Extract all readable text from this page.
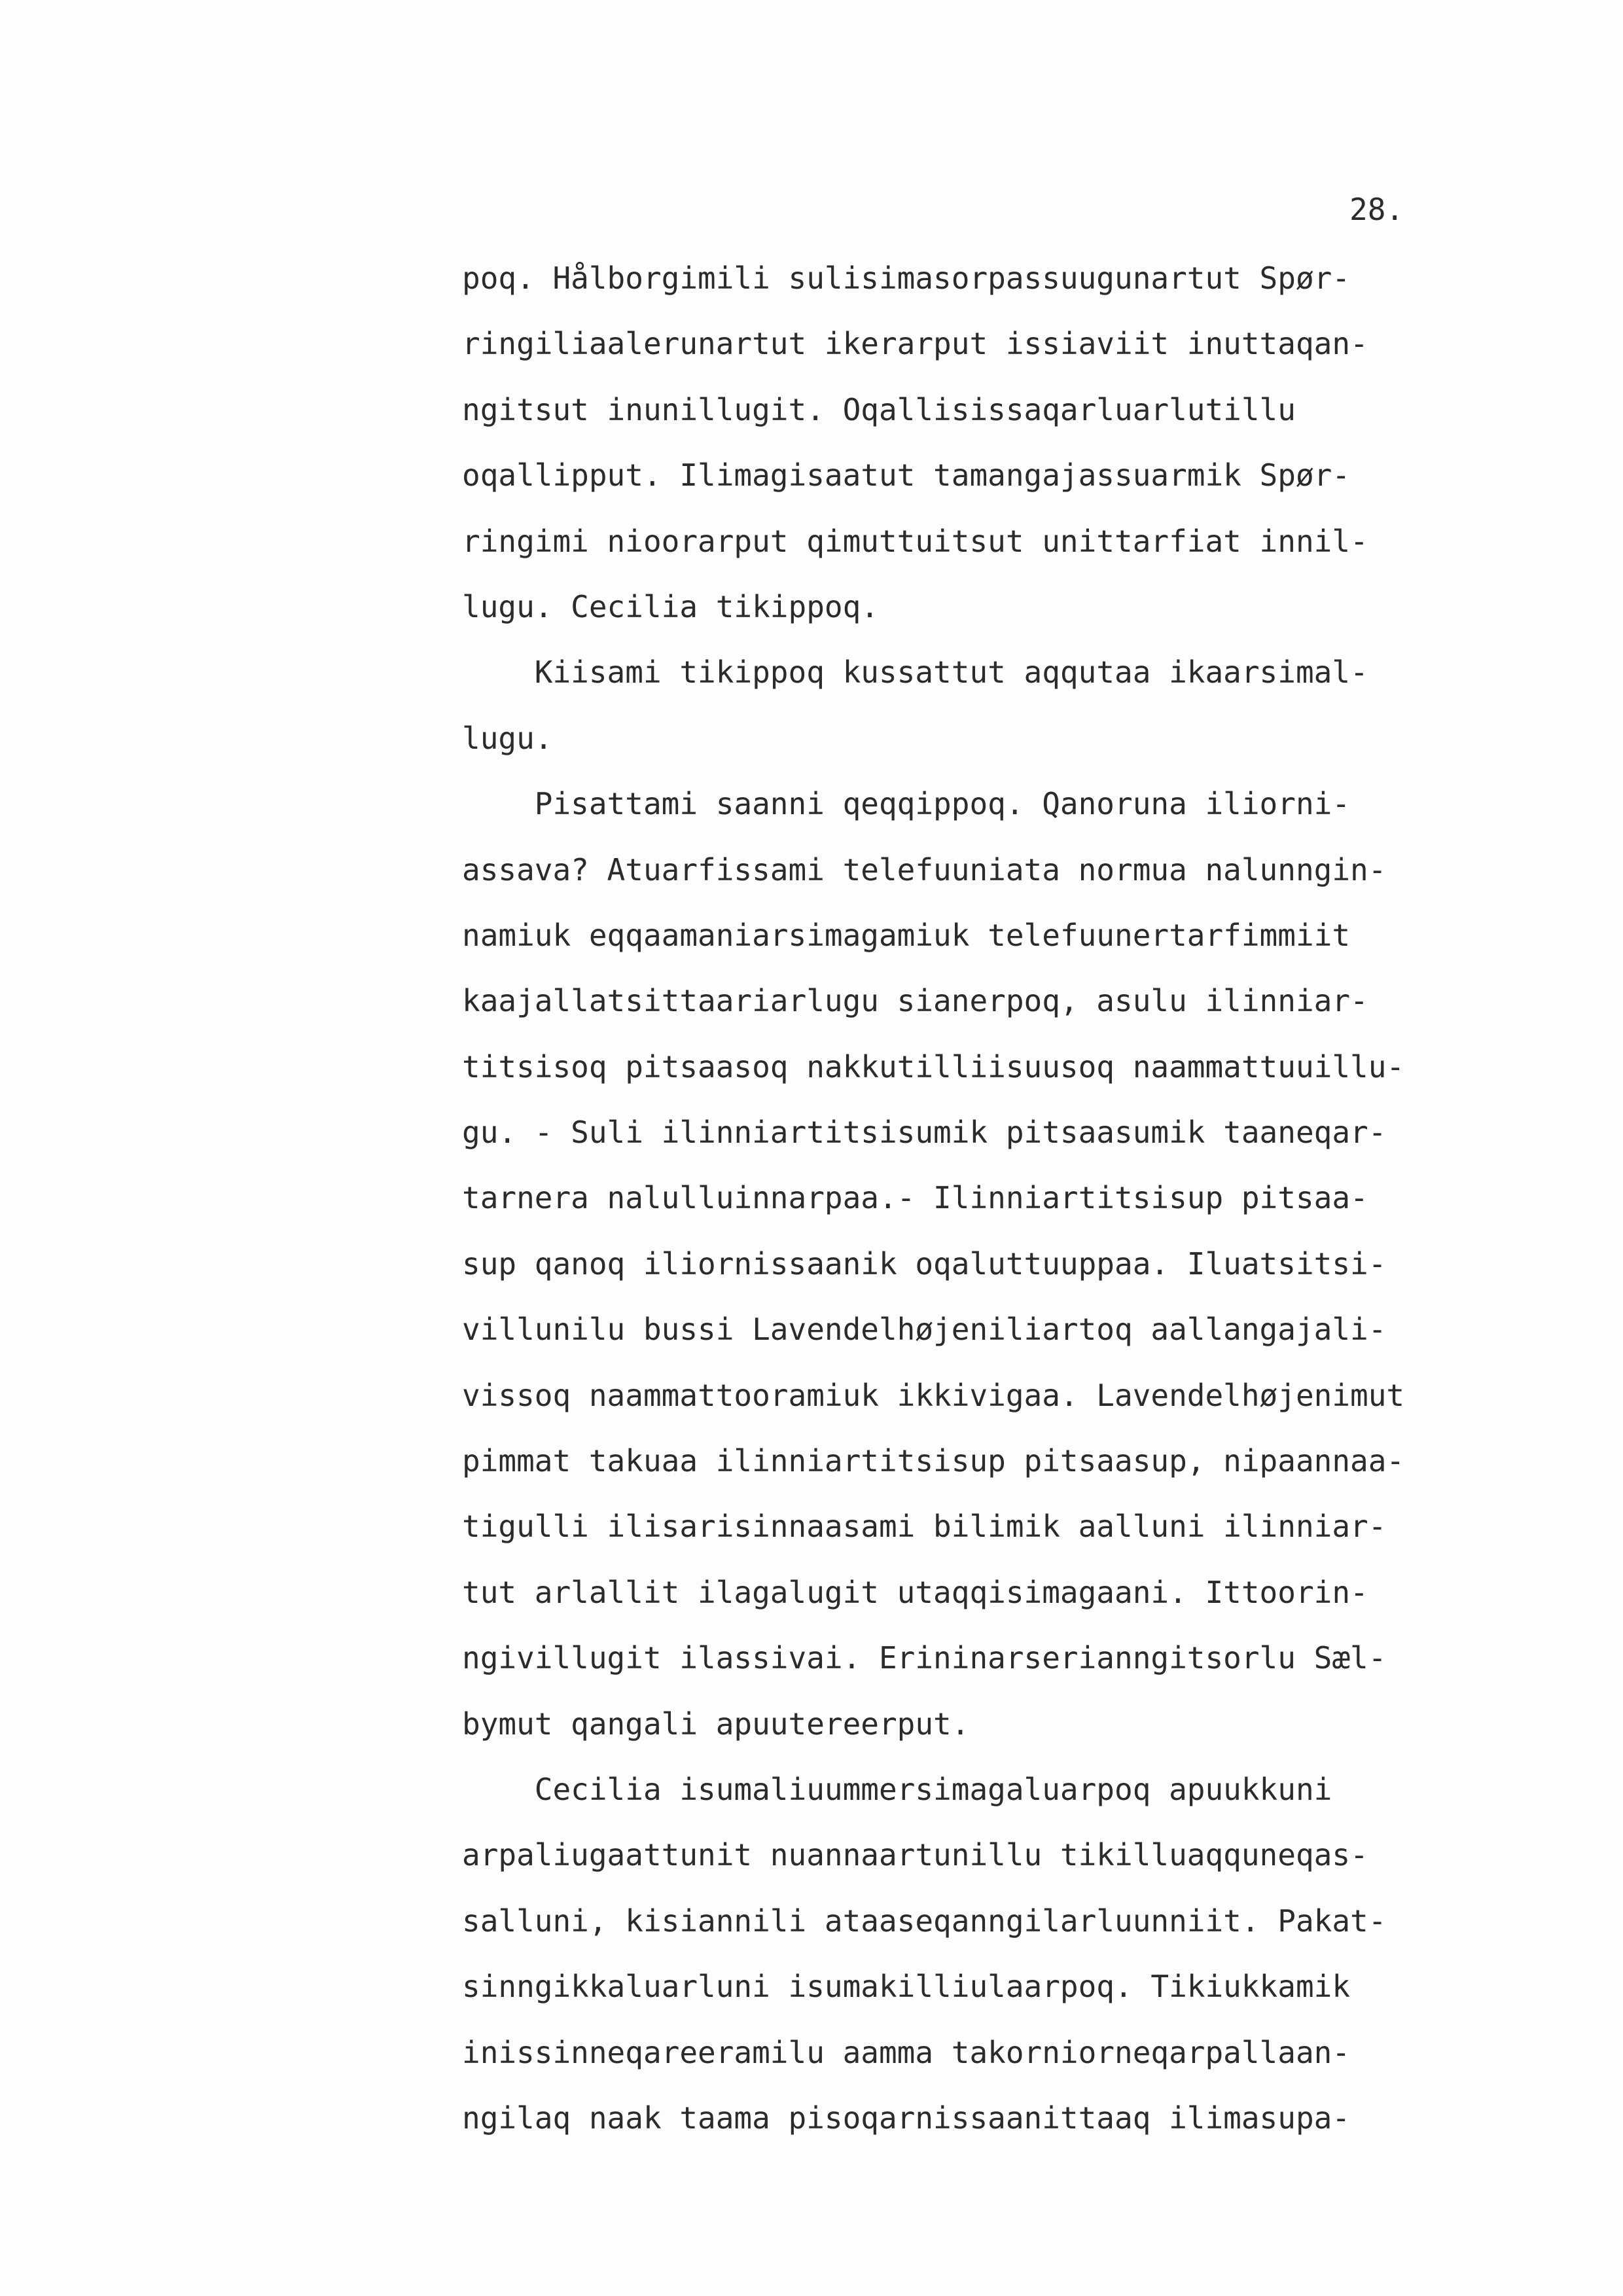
28.
poq. Hålborgimili sulisimasorpassuugunartut Spør-
ringiliaalerunartut ikerarput issiaviit inuttaqan-
ngitsut inunillugit. Oqallisissaqarluarlutillu
oqallipput. Ilimagisaatut tamangajassuarmik Spør-
ringimi nioorarput qimuttuitsut unittarfiat innil-
lugu. Cecilia tikippoq.
Kiisami tikippoq kussattut aqqutaa ikaarsimal-
lugu.
Pisattami saanni qeqqippoq. Qanoruna iliorni-
assava? Atuarfissami telefuuniata normua nalunngin-
namiuk eqqaamaniarsimagamiuk telefuunertarfimmiit
kaajallatsittaariarlugu sianerpoq, asulu ilinniar-
titsisoq pitsaasoq nakkutilliisuusoq naammattuuillu-
gu. - Suli ilinniartitsisumik pitsaasumik taaneqar-
tarnera nalulluinnarpaa.- Ilinniartitsisup pitsaa-
sup qanoq iliornissaanik oqaluttuuppaa. Iluatsitsi-
villunilu bussi Lavendelhøjeniliartoq aallangajali-
vissoq naammattooramiuk ikkivigaa. Lavendelhøjenimut
pimmat takuaa ilinniartitsisup pitsaasup, nipaannaa-
tigulli ilisarisinnaasami bilimik aalluni ilinniar-
tut arlallit ilagalugit utaqqisimagaani. Ittoorin-
ngivillugit ilassivai. Erininarserianngitsorlu Sæl-
bymut qangali apuutereerput.
Cecilia isumaliuummersimagaluarpoq apuukkuni
arpaliugaattunit nuannaartunillu tikilluaqquneqas-
salluni, kisiannili ataaseqanngilarluunniit. Pakat-
sinngikkaluarluni isumakilliulaarpoq. Tikiukkamik
inissinneqareeramilu aamma takorniorneqarpallaan-
ngilaq naak taama pisoqarnissaanittaaq ilimasupa-
